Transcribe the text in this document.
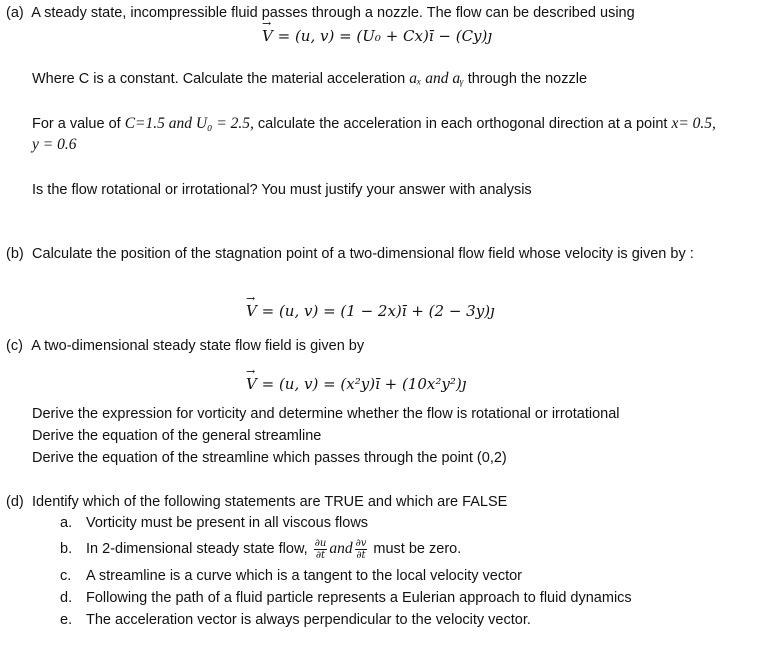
(a) A steady state, incompressible fluid passes through a nozzle. The flow can be described using
→ V = (u, v) = (U₀ + Cx)ī − (Cy)ȷ
Where C is a constant. Calculate the material acceleration aₓ and aᵧ through the nozzle
For a value of C=1.5 and U₀ = 2.5, calculate the acceleration in each orthogonal direction at a point x= 0.5,
y = 0.6
Is the flow rotational or irrotational? You must justify your answer with analysis
(b) Calculate the position of the stagnation point of a two-dimensional flow field whose velocity is given by :
→ V = (u, v) = (1 − 2x)ī + (2 − 3y)ȷ
(c) A two-dimensional steady state flow field is given by
→ V = (u, v) = (x²y)ī + (10x²y²)ȷ
Derive the expression for vorticity and determine whether the flow is rotational or irrotational
Derive the equation of the general streamline
Derive the equation of the streamline which passes through the point (0,2)
(d) Identify which of the following statements are TRUE and which are FALSE
a. Vorticity must be present in all viscous flows
b. In 2-dimensional steady state flow, $\frac{\partial u}{\partial t}$ and $\frac{\partial v}{\partial t}$ must be zero.
c. A streamline is a curve which is a tangent to the local velocity vector
d. Following the path of a fluid particle represents a Eulerian approach to fluid dynamics
e. The acceleration vector is always perpendicular to the velocity vector.
